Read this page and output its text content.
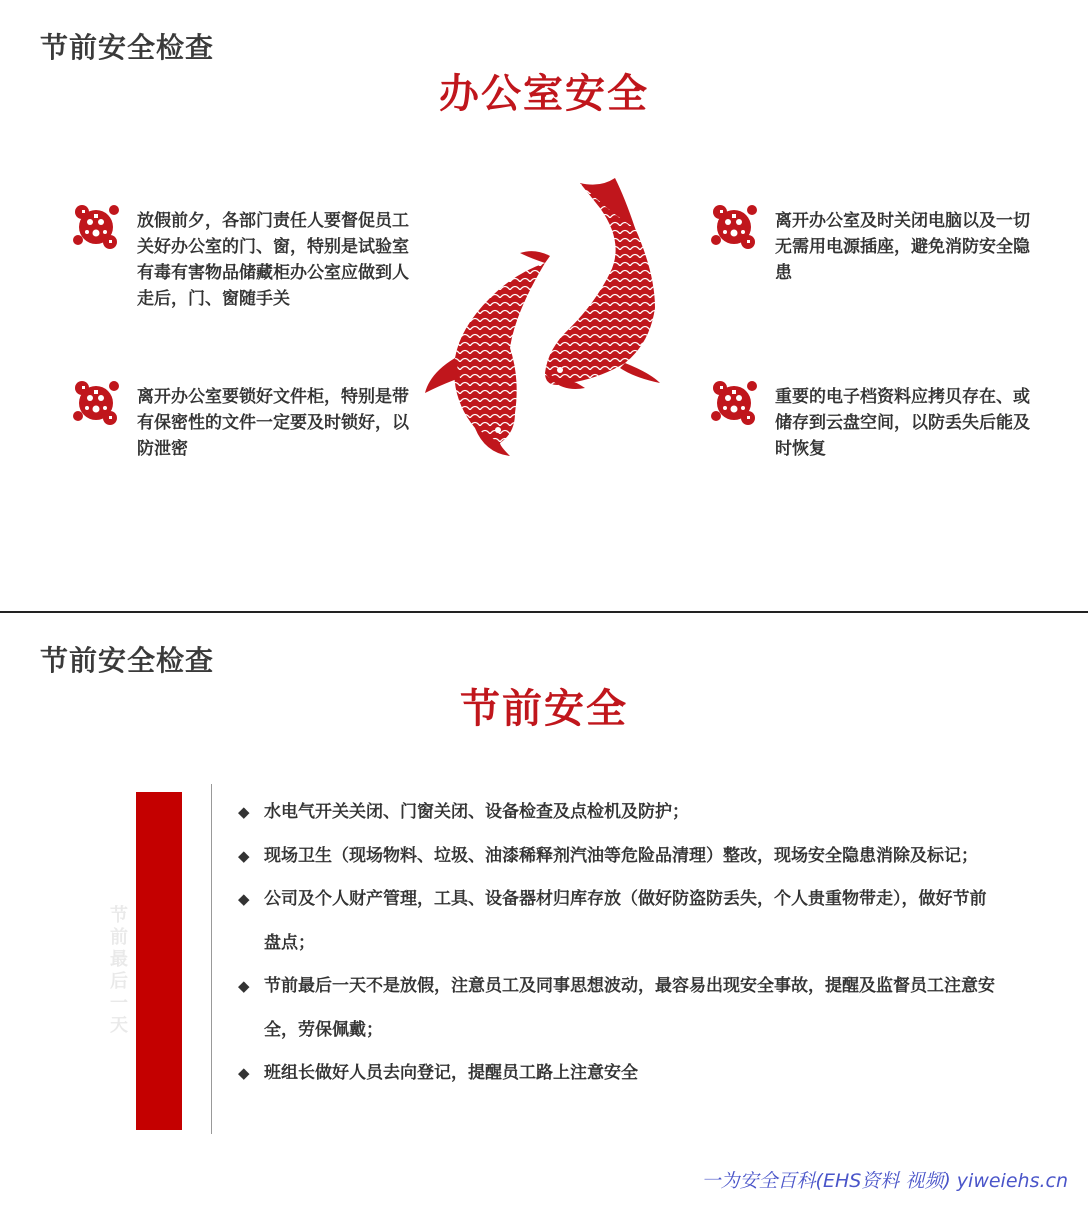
节前安全检查
办公室安全
放假前夕，各部门责任人要督促员工关好办公室的门、窗，特别是试验室有毒有害物品储藏柜办公室应做到人走后，门、窗随手关
离开办公室要锁好文件柜，特别是带有保密性的文件一定要及时锁好，以防泄密
离开办公室及时关闭电脑以及一切无需用电源插座，避免消防安全隐患
重要的电子档资料应拷贝存在、或储存到云盘空间，以防丢失后能及时恢复
节前安全检查
节前安全
节前最后一天
◆ 水电气开关关闭、门窗关闭、设备检查及点检机及防护；
◆ 现场卫生（现场物料、垃圾、油漆稀释剂汽油等危险品清理）整改，现场安全隐患消除及标记；
◆ 公司及个人财产管理，工具、设备器材归库存放（做好防盗防丢失，个人贵重物带走），做好节前盘点；
◆ 节前最后一天不是放假，注意员工及同事思想波动，最容易出现安全事故，提醒及监督员工注意安全，劳保佩戴；
◆ 班组长做好人员去向登记，提醒员工路上注意安全
一为安全百科(EHS资料 视频) yiweiehs.cn
